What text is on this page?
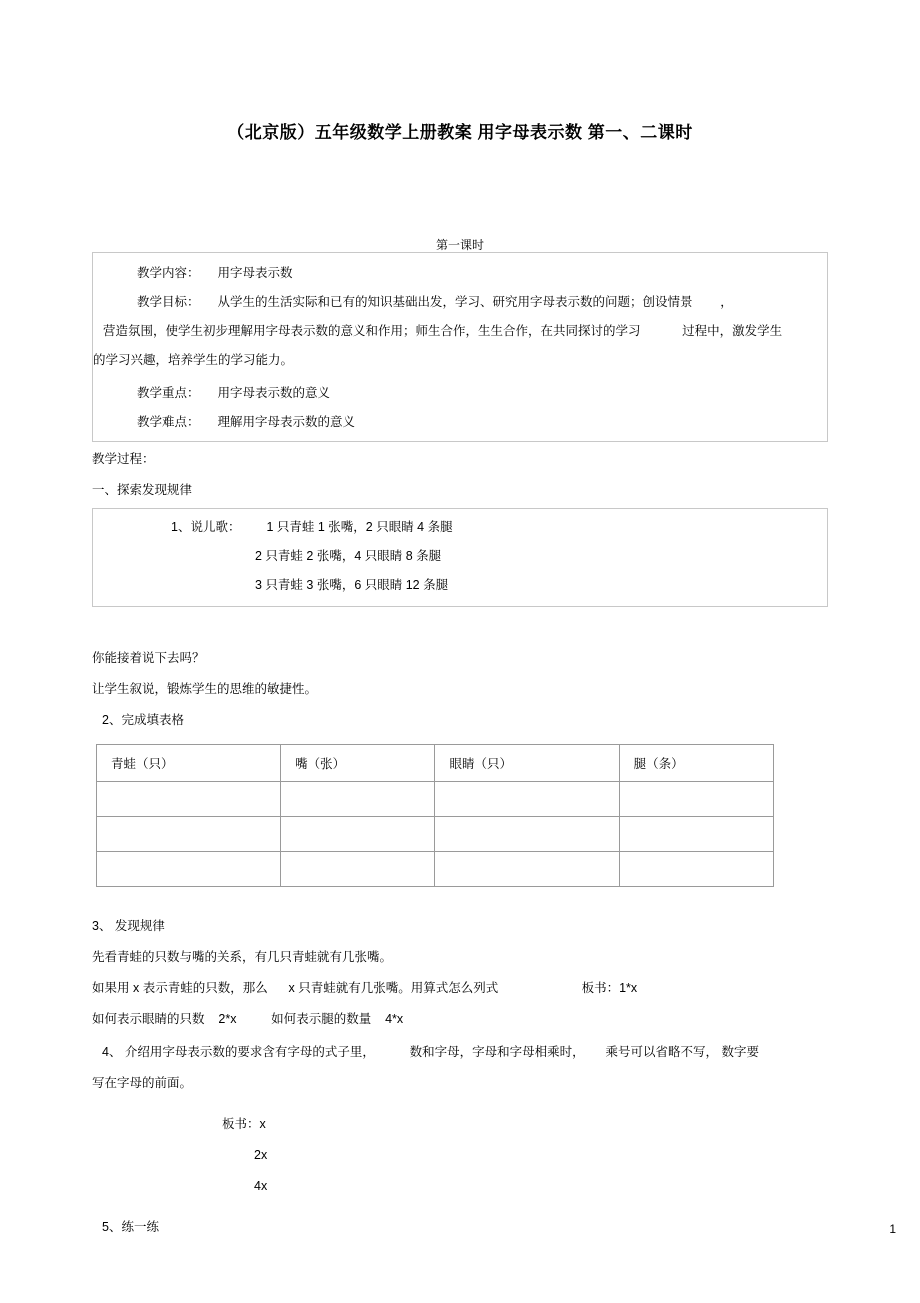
（北京版）五年级数学上册教案 用字母表示数 第一、二课时
第一课时
教学内容： 用字母表示数
教学目标： 从学生的生活实际和已有的知识基础出发，学习、研究用字母表示数的问题；创设情景        ，
营造氛围，使学生初步理解用字母表示数的意义和作用；师生合作，生生合作，在共同探讨的学习            过程中，激发学生
的学习兴趣，培养学生的学习能力。
教学重点： 用字母表示数的意义
教学难点： 理解用字母表示数的意义
教学过程：
一、探索发现规律
1、说儿歌： 1 只青蛙 1 张嘴，2 只眼睛 4 条腿
2 只青蛙 2 张嘴，4 只眼睛 8 条腿
3 只青蛙 3 张嘴，6 只眼睛 12 条腿
你能接着说下去吗？
让学生叙说，锻炼学生的思维的敏捷性。
2、完成填表格
青蛙（只）	嘴（张）	眼睛（只）	腿（条）

3、 发现规律
先看青蛙的只数与嘴的关系，有几只青蛙就有几张嘴。
如果用 x 表示青蛙的只数，那么      x 只青蛙就有几张嘴。用算式怎么列式                        板书：1*x
如何表示眼睛的只数    2*x          如何表示腿的数量    4*x
4、 介绍用字母表示数的要求含有字母的式子里，          数和字母，字母和字母相乘时，      乘号可以省略不写， 数字要
写在字母的前面。
板书：x
2x
4x
5、练一练	1
